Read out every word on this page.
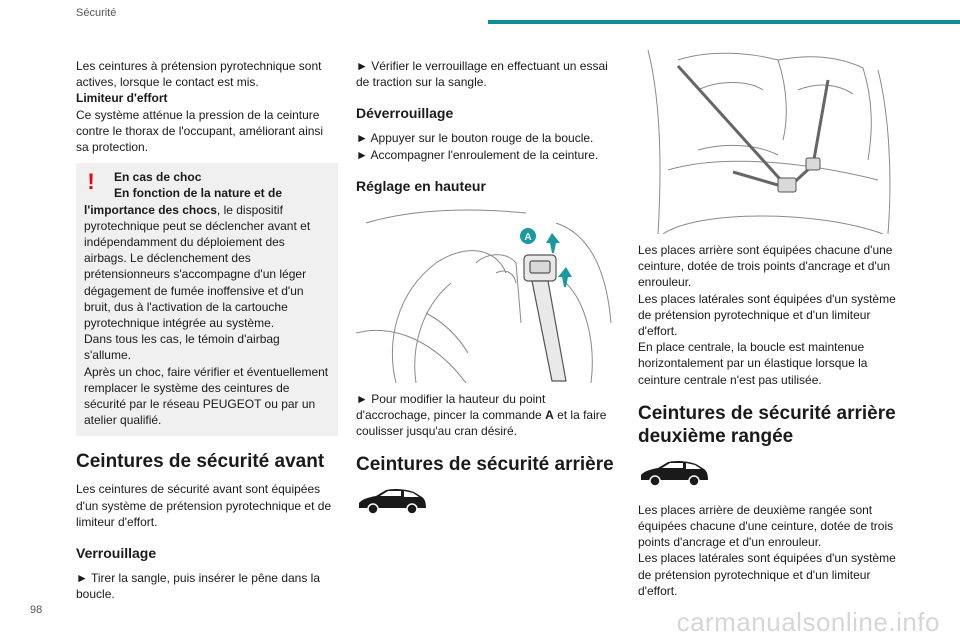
Sécurité

Les ceintures à prétension pyrotechnique sont actives, lorsque le contact est mis.

Limiteur d'effort

Ce système atténue la pression de la ceinture contre le thorax de l'occupant, améliorant ainsi sa protection.

!	En cas de choc

En fonction de la nature et de

l'importance des chocs, le dispositif pyrotechnique peut se déclencher avant et indépendamment du déploiement des airbags. Le déclenchement des prétensionneurs s'accompagne d'un léger dégagement de fumée inoffensive et d'un bruit, dus à l'activation de la cartouche pyrotechnique intégrée au système.

Dans tous les cas, le témoin d'airbag s'allume.

Après un choc, faire vérifier et éventuellement remplacer le système des ceintures de sécurité par le réseau PEUGEOT ou par un atelier qualifié.

Ceintures de sécurité avant

Les ceintures de sécurité avant sont équipées d'un système de prétension pyrotechnique et de limiteur d'effort.

Verrouillage

► Tirer la sangle, puis insérer le pêne dans la boucle.

► Vérifier le verrouillage en effectuant un essai de traction sur la sangle.

Déverrouillage

► Appuyer sur le bouton rouge de la boucle.

► Accompagner l'enroulement de la ceinture.

Réglage en hauteur
A

► Pour modifier la hauteur du point d'accrochage, pincer la commande A et la faire coulisser jusqu'au cran désiré.

Ceintures de sécurité arrière

Les places arrière sont équipées chacune d'une ceinture, dotée de trois points d'ancrage et d'un enrouleur.

Les places latérales sont équipées d'un système de prétension pyrotechnique et d'un limiteur d'effort.

En place centrale, la boucle est maintenue horizontalement par un élastique lorsque la ceinture centrale n'est pas utilisée.

Ceintures de sécurité arrière deuxième rangée

Les places arrière de deuxième rangée sont équipées chacune d'une ceinture, dotée de trois points d'ancrage et d'un enrouleur.

Les places latérales sont équipées d'un système de prétension pyrotechnique et d'un limiteur d'effort.

98	carmanualsonline.info
